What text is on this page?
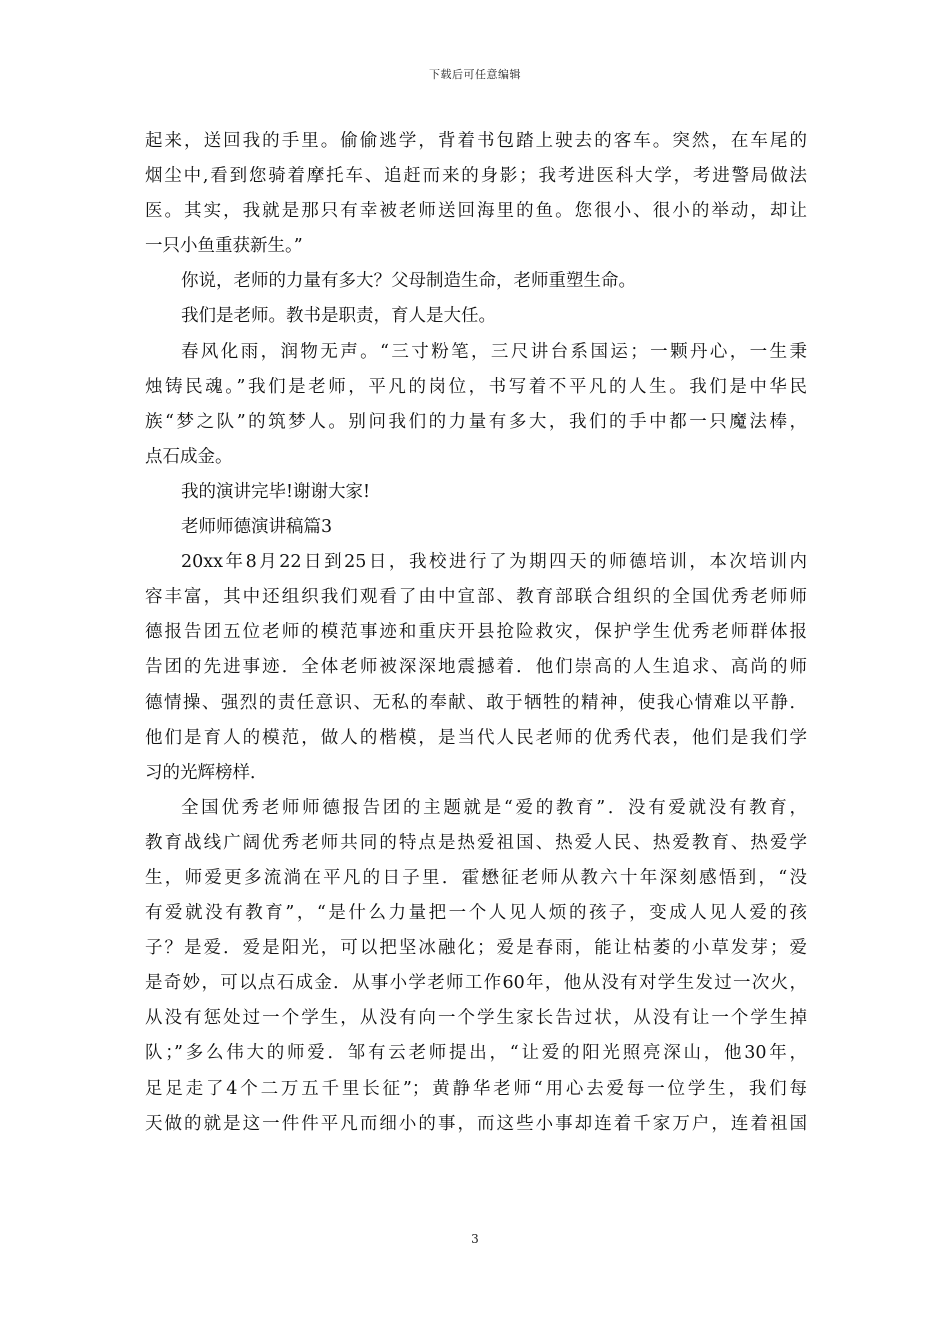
下载后可任意编辑
起来，送回我的手里。偷偷逃学，背着书包踏上驶去的客车。突然，在车尾的
烟尘中,看到您骑着摩托车、追赶而来的身影；我考进医科大学，考进警局做法
医。其实，我就是那只有幸被老师送回海里的鱼。您很小、很小的举动，却让
一只小鱼重获新生。”
你说，老师的力量有多大？父母制造生命，老师重塑生命。
我们是老师。教书是职责，育人是大任。
春风化雨，润物无声。“三寸粉笔，三尺讲台系国运；一颗丹心，一生秉
烛铸民魂。”我们是老师，平凡的岗位，书写着不平凡的人生。我们是中华民
族“梦之队”的筑梦人。别问我们的力量有多大，我们的手中都一只魔法棒，
点石成金。
我的演讲完毕!谢谢大家!
老师师德演讲稿篇3
20xx年8月22日到25日，我校进行了为期四天的师德培训，本次培训内
容丰富，其中还组织我们观看了由中宣部、教育部联合组织的全国优秀老师师
德报告团五位老师的模范事迹和重庆开县抢险救灾，保护学生优秀老师群体报
告团的先进事迹．全体老师被深深地震撼着．他们崇高的人生追求、高尚的师
德情操、强烈的责任意识、无私的奉献、敢于牺牲的精神，使我心情难以平静．
他们是育人的模范，做人的楷模，是当代人民老师的优秀代表，他们是我们学
习的光辉榜样．
全国优秀老师师德报告团的主题就是“爱的教育”．没有爱就没有教育，
教育战线广阔优秀老师共同的特点是热爱祖国、热爱人民、热爱教育、热爱学
生，师爱更多流淌在平凡的日子里．霍懋征老师从教六十年深刻感悟到，“没
有爱就没有教育”，“是什么力量把一个人见人烦的孩子，变成人见人爱的孩
子？是爱．爱是阳光，可以把坚冰融化；爱是春雨，能让枯萎的小草发芽；爱
是奇妙，可以点石成金．从事小学老师工作60年，他从没有对学生发过一次火，
从没有惩处过一个学生，从没有向一个学生家长告过状，从没有让一个学生掉
队；”多么伟大的师爱．邹有云老师提出，“让爱的阳光照亮深山，他30年，
足足走了4个二万五千里长征”；黄静华老师“用心去爱每一位学生，我们每
天做的就是这一件件平凡而细小的事，而这些小事却连着千家万户，连着祖国
3
